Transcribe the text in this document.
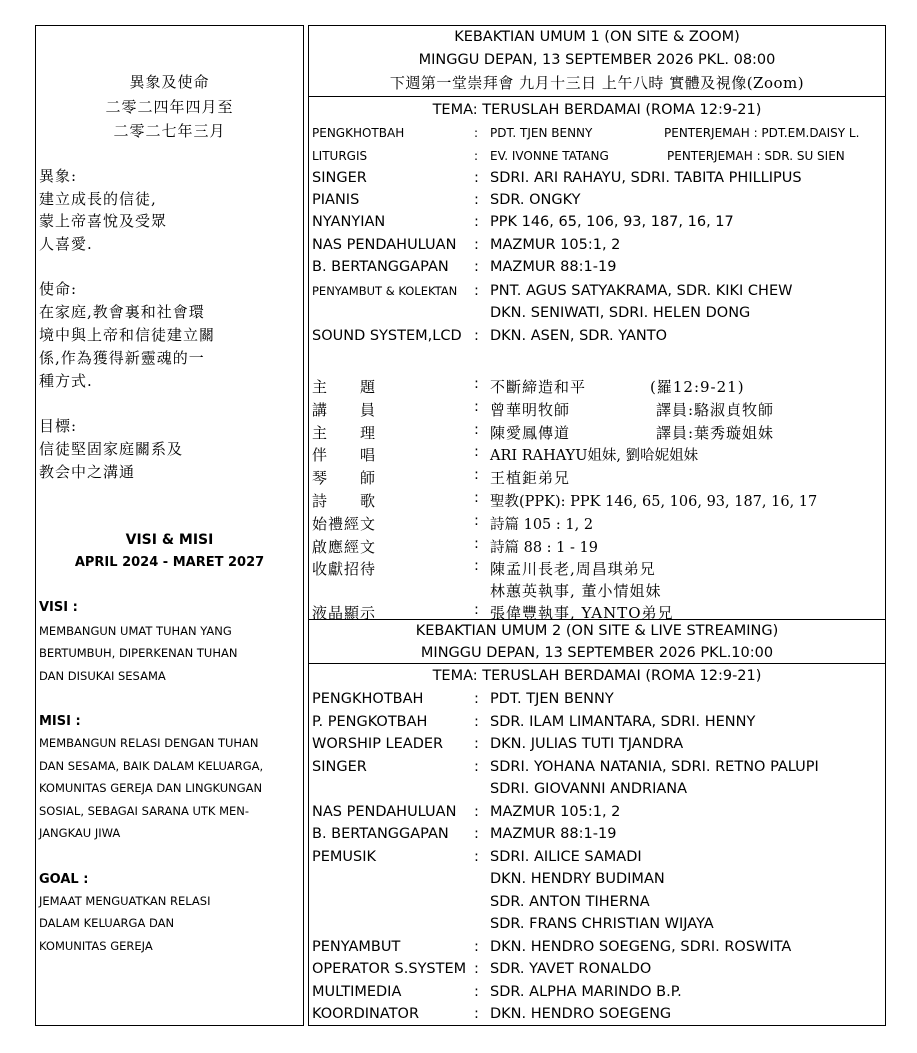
異象及使命
二零二四年四月至
二零二七年三月
異象:
建立成長的信徒,
蒙上帝喜悅及受眾
人喜愛.
使命:
在家庭,教會裏和社會環
境中與上帝和信徒建立關
係,作為獲得新靈魂的一
種方式.
目標:
信徒堅固家庭關系及
教会中之溝通
VISI & MISI
APRIL 2024 - MARET 2027
VISI :
MEMBANGUN UMAT TUHAN YANG
BERTUMBUH, DIPERKENAN TUHAN
DAN DISUKAI SESAMA
MISI :
MEMBANGUN RELASI DENGAN TUHAN
DAN SESAMA, BAIK DALAM KELUARGA,
KOMUNITAS GEREJA DAN LINGKUNGAN
SOSIAL, SEBAGAI SARANA UTK MEN-
JANGKAU JIWA
GOAL :
JEMAAT MENGUATKAN RELASI
DALAM KELUARGA DAN
KOMUNITAS GEREJA
KEBAKTIAN UMUM 1 (ON SITE & ZOOM)
MINGGU DEPAN, 13 SEPTEMBER 2026 PKL. 08:00
下週第一堂崇拜會 九月十三日 上午八時 實體及視像(Zoom)
TEMA: TERUSLAH BERDAMAI (ROMA 12:9-21)
PENGKHOTBAH	: PDT. TJEN BENNY	PENTERJEMAH : PDT.EM.DAISY L.
LITURGIS	: EV. IVONNE TATANG	PENTERJEMAH : SDR. SU SIEN
SINGER	: SDRI. ARI RAHAYU, SDRI. TABITA PHILLIPUS
PIANIS	: SDR. ONGKY
NYANYIAN	: PPK 146, 65, 106, 93, 187, 16, 17
NAS PENDAHULUAN : MAZMUR 105:1, 2
B. BERTANGGAPAN : MAZMUR 88:1-19
PENYAMBUT & KOLEKTAN : PNT. AGUS SATYAKRAMA, SDR. KIKI CHEW
DKN. SENIWATI, SDRI. HELEN DONG
SOUND SYSTEM,LCD : DKN. ASEN, SDR. YANTO
主　　題	: 不斷締造和平	(羅12:9-21)
講　　員	: 曾華明牧師	譯員:駱淑貞牧師
主　　理	: 陳愛鳳傳道	譯員:葉秀璇姐妹
伴　　唱	: ARI RAHAYU姐妹, 劉哈妮姐妹
琴　　師	: 王植鉅弟兄
詩　　歌	: 聖教(PPK): PPK 146, 65, 106, 93, 187, 16, 17
始禮經文	: 詩篇 105 : 1, 2
啟應經文	: 詩篇 88 : 1 - 19
收獻招待	: 陳孟川長老,周昌琪弟兄
林蕙英執事, 董小情姐妹
液晶顯示	: 張偉豐執事, YANTO弟兄
KEBAKTIAN UMUM 2 (ON SITE & LIVE STREAMING)
MINGGU DEPAN, 13 SEPTEMBER 2026 PKL.10:00
TEMA: TERUSLAH BERDAMAI (ROMA 12:9-21)
PENGKHOTBAH	: PDT. TJEN BENNY
P. PENGKOTBAH	: SDR. ILAM LIMANTARA, SDRI. HENNY
WORSHIP LEADER : DKN. JULIAS TUTI TJANDRA
SINGER	: SDRI. YOHANA NATANIA, SDRI. RETNO PALUPI
SDRI. GIOVANNI ANDRIANA
NAS PENDAHULUAN : MAZMUR 105:1, 2
B. BERTANGGAPAN : MAZMUR 88:1-19
PEMUSIK	: SDRI. AILICE SAMADI
DKN. HENDRY BUDIMAN
SDR. ANTON TIHERNA
SDR. FRANS CHRISTIAN WIJAYA
PENYAMBUT	: DKN. HENDRO SOEGENG, SDRI. ROSWITA
OPERATOR S.SYSTEM : SDR. YAVET RONALDO
MULTIMEDIA	: SDR. ALPHA MARINDO B.P.
KOORDINATOR	: DKN. HENDRO SOEGENG
